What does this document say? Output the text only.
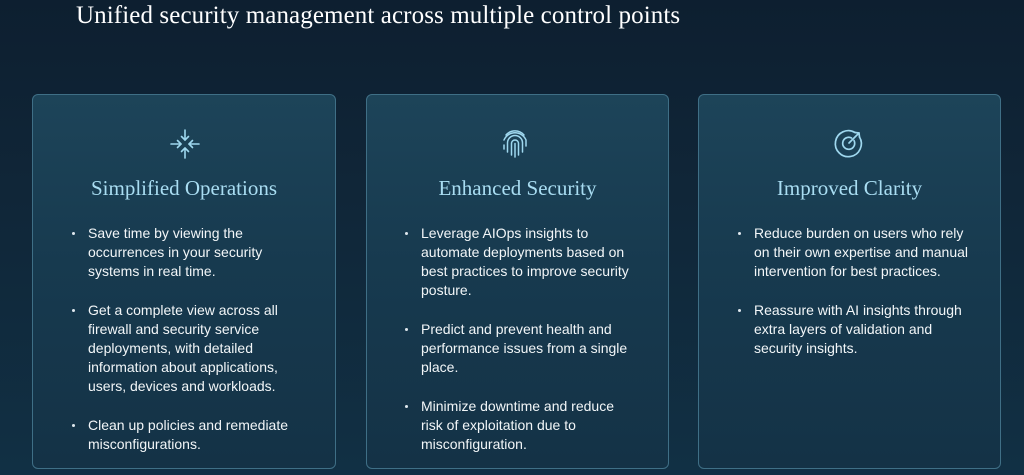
Unified security management across multiple control points
Simplified Operations
Save time by viewing the occurrences in your security systems in real time.
Get a complete view across all firewall and security service deployments, with detailed information about applications, users, devices and workloads.
Clean up policies and remediate misconfigurations.
Enhanced Security
Leverage AIOps insights to automate deployments based on best practices to improve security posture.
Predict and prevent health and performance issues from a single place.
Minimize downtime and reduce risk of exploitation due to misconfiguration.
Improved Clarity
Reduce burden on users who rely on their own expertise and manual intervention for best practices.
Reassure with AI insights through extra layers of validation and security insights.
